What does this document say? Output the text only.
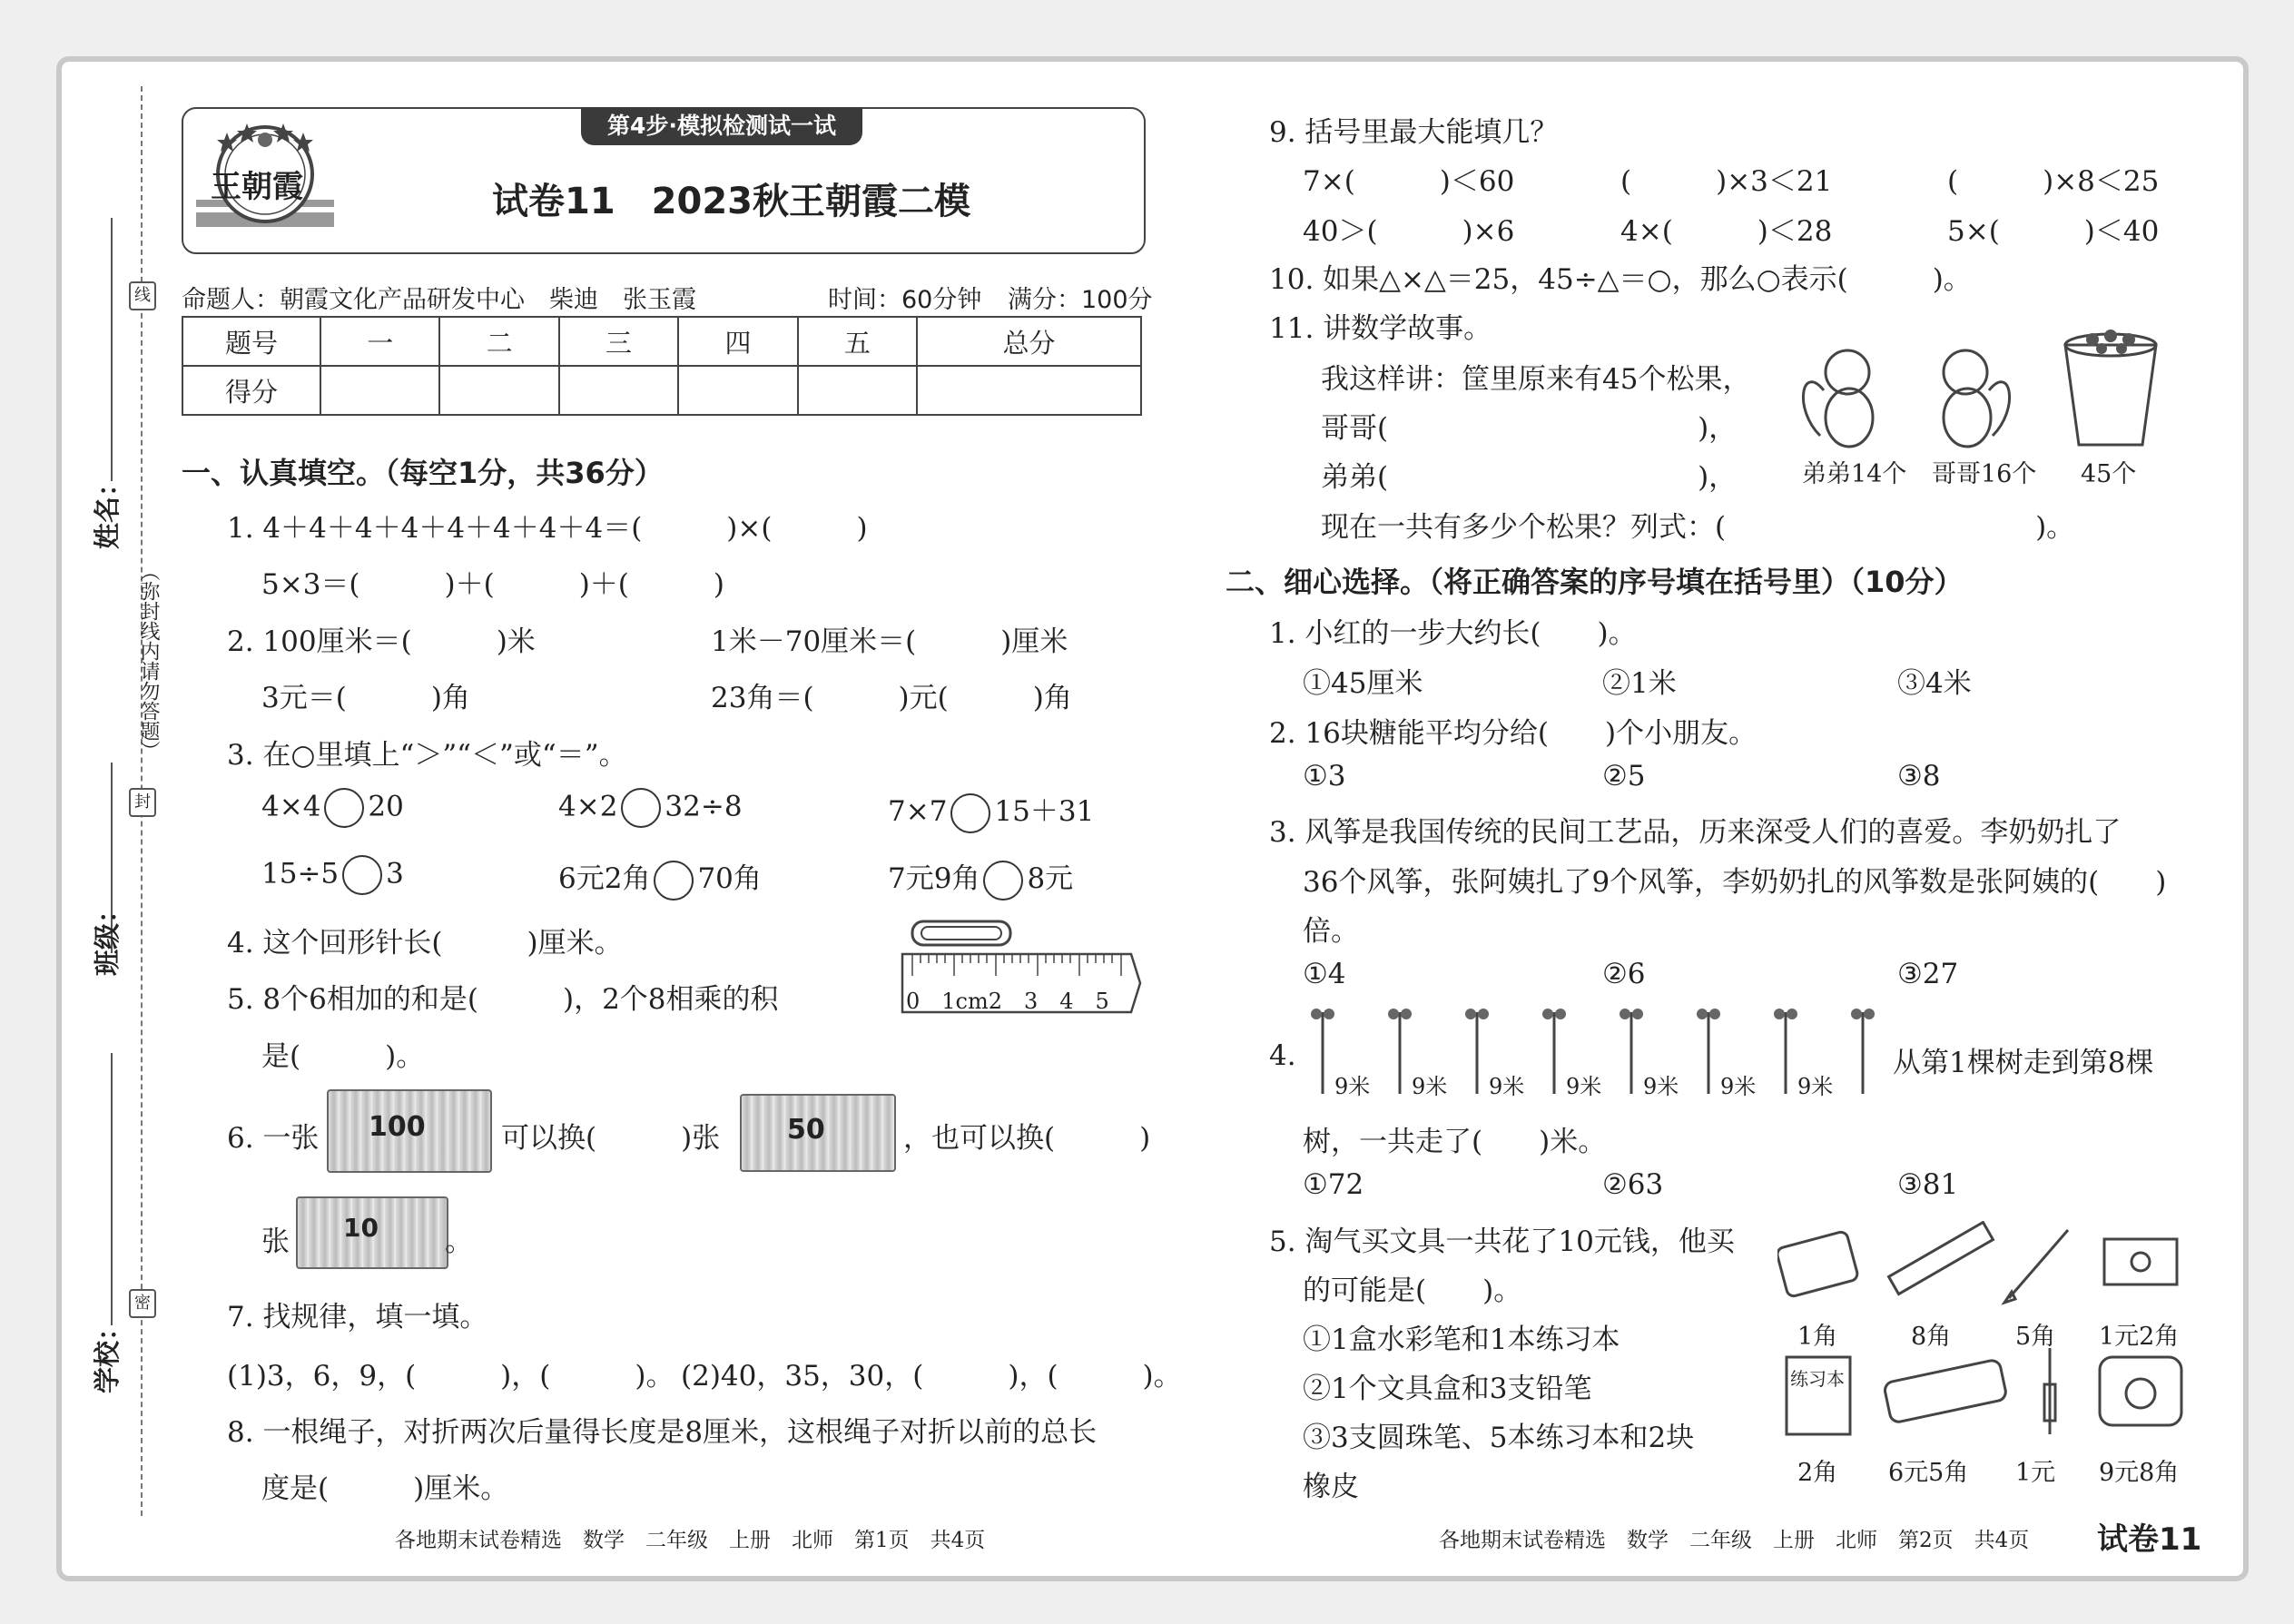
线
封
密
（弥封线内请勿答题）
姓名：
班级：
学校：
王朝霞
第4步·模拟检测试一试
试卷11　2023秋王朝霞二模
命题人：朝霞文化产品研发中心　柴迪　张玉霞	时间：60分钟 满分：100分
题号	一	二	三	四	五	总分
得分						
一、认真填空。（每空1分，共36分）
1. 4＋4＋4＋4＋4＋4＋4＋4＝(　　　)×(　　　)
5×3＝(　　　)＋(　　　)＋(　　　)
2. 100厘米＝(　　　)米	1米－70厘米＝(　　　)厘米
3元＝(　　　)角	23角＝(　　　)元(　　　)角
3. 在○里填上“＞”“＜”或“＝”。
4×4 20	4×2 32÷8	7×7 15＋31
15÷5 3	6元2角 70角	7元9角 8元
4. 这个回形针长(　　　)厘米。
0　1cm2　3　4　5
5. 8个6相加的和是(　　　)，2个8相乘的积
是(　　　)。
6. 一张 100	可以换(　　　)张 50	，也可以换(　　　)
张 10 。
7. 找规律，填一填。
(1)3，6，9，(　　　)，(　　　)。 (2)40，35，30，(　　　)，(　　　)。
8. 一根绳子，对折两次后量得长度是8厘米，这根绳子对折以前的总长
度是(　　　)厘米。
各地期末试卷精选　数学　二年级　上册　北师　第1页　共4页
9. 括号里最大能填几？
7×(　　　)＜60	(　　　)×3＜21	(　　　)×8＜25
40＞(　　　)×6	4×(　　　)＜28	5×(　　　)＜40
10. 如果△×△＝25，45÷△＝○，那么○表示(　　　)。
11. 讲数学故事。
我这样讲：筐里原来有45个松果，
哥哥(　　　　　　　　　　　)，
弟弟(　　　　　　　　　　　)，
现在一共有多少个松果？列式：(　　　　　　　　　　　)。
弟弟14个 哥哥16个 45个
二、细心选择。（将正确答案的序号填在括号里）（10分）
1. 小红的一步大约长(　　)。
①45厘米	②1米	③4米
2. 16块糖能平均分给(　　)个小朋友。
①3	②5	③8
3. 风筝是我国传统的民间工艺品，历来深受人们的喜爱。李奶奶扎了
36个风筝，张阿姨扎了9个风筝，李奶奶扎的风筝数是张阿姨的(　　)
倍。
①4	②6	③27
4.
9米 9米 9米 9米 9米 9米 9米
从第1棵树走到第8棵
树，一共走了(　　)米。
①72	②63	③81
5. 淘气买文具一共花了10元钱，他买
的可能是(　　)。
①1盒水彩笔和1本练习本
②1个文具盒和3支铅笔
③3支圆珠笔、5本练习本和2块
橡皮
练习本
1角	8角	5角 1元2角
2角 6元5角 1元 9元8角
各地期末试卷精选　数学　二年级　上册　北师　第2页　共4页 试卷11
